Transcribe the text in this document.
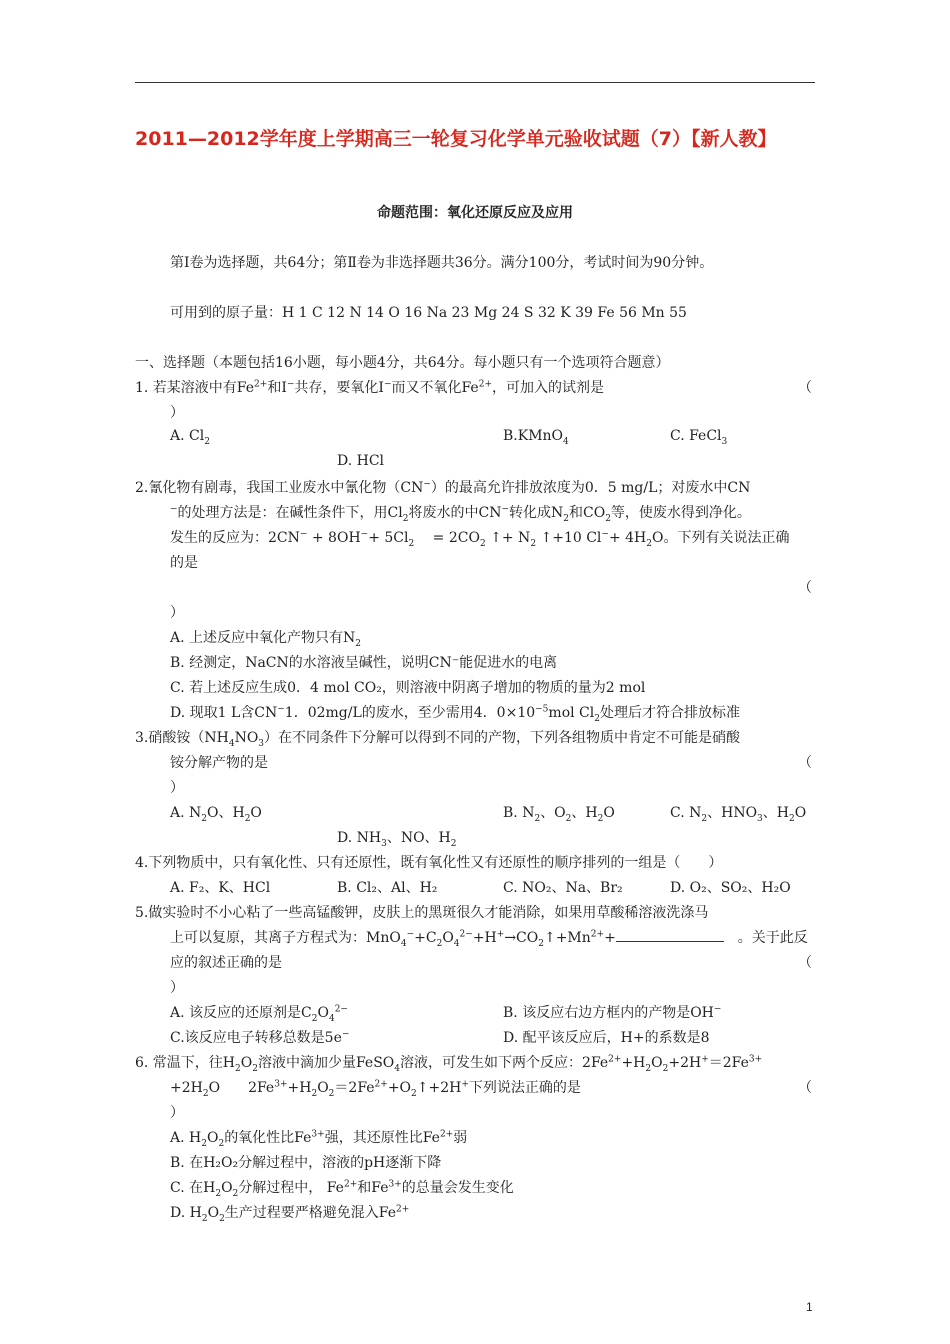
2011—2012学年度上学期高三一轮复习化学单元验收试题（7）【新人教】
命题范围：氧化还原反应及应用
第Ⅰ卷为选择题，共64分；第Ⅱ卷为非选择题共36分。满分100分，考试时间为90分钟。
可用到的原子量：H 1 C 12 N 14 O 16 Na 23 Mg 24 S 32 K 39 Fe 56 Mn 55
一、选择题（本题包括16小题，每小题4分，共64分。每小题只有一个选项符合题意）
1. 若某溶液中有$Fe^{2+}$和I−共存，要氧化I−而又不氧化$Fe^{2+}$，可加入的试剂是	（
）
A. $Cl_2$	B.KMnO$_4$	C. FeCl$_3$
D. HCl
2.氰化物有剧毒，我国工业废水中氰化物（CN−）的最高允许排放浓度为0．5 mg/L；对废水中CN
−的处理方法是：在碱性条件下，用$Cl_2$将废水的中CN−转化成$N_2$和$CO_2$等，使废水得到净化。
发生的反应为：$2CN^- + 8OH^-+ 5Cl_2$　 = $2CO_2$ ↑+ $N_2$ ↑+10 $Cl^-+ 4H_2O$。下列有关说法正确
的是
（
）
A. 上述反应中氧化产物只有$N_2$
B. 经测定，NaCN的水溶液呈碱性，说明CN⁻能促进水的电离
C. 若上述反应生成0．4 mol CO₂，则溶液中阴离子增加的物质的量为2 mol
D. 现取1 L含CN−1．02mg/L的废水，至少需用4．$0\times 10^{-5}mol$ $Cl_2$处理后才符合排放标准
3.硝酸铵$(NH_4NO_3)$在不同条件下分解可以得到不同的产物，下列各组物质中肯定不可能是硝酸
铵分解产物的是	（
）
A. $N_2O$、$H_2O$	B. $N_2$、$O_2$、$H_2O$	C. $N_2$、$HNO_3$、$H_2O$
D. $NH_3$、NO、$H_2$
4.下列物质中，只有氧化性、只有还原性，既有氧化性又有还原性的顺序排列的一组是（　　）
A. F₂、K、HCl	B. Cl₂、Al、H₂	C. NO₂、Na、Br₂	D. O₂、SO₂、H₂O
5.做实验时不小心粘了一些高锰酸钾，皮肤上的黑斑很久才能消除，如果用草酸稀溶液洗涤马
上可以复原，其离子方程式为：$MnO_4^-+C_2O_4^{2-}+H^+\to CO_2↑+Mn^{2+}+$	　。关于此反
应的叙述正确的是	（
）
A. 该反应的还原剂是$C_2O_4^{2-}$	B. 该反应右边方框内的产物是OH−
C.该反应电子转移总数是5e−	D. 配平该反应后，H+的系数是8
6. 常温下，往$H_2O_2$溶液中滴加少量FeSO$_4$溶液，可发生如下两个反应：$2Fe^{2+}+H_2O_2+2H^+=2Fe^{3+}$
$+2H_2O$　　$2Fe^{3+}+H_2O_2=2Fe^{2+}+O_2↑+2H^+$下列说法正确的是	（
）
A. $H_2O_2$的氧化性比$Fe^{3+}$强，其还原性比$Fe^{2+}$弱
B. 在H₂O₂分解过程中，溶液的pH逐渐下降
C. 在$H_2O_2$分解过程中， $Fe^{2+}$和$Fe^{3+}$的总量会发生变化
D. $H_2O_2$生产过程要严格避免混入$Fe^{2+}$
1
